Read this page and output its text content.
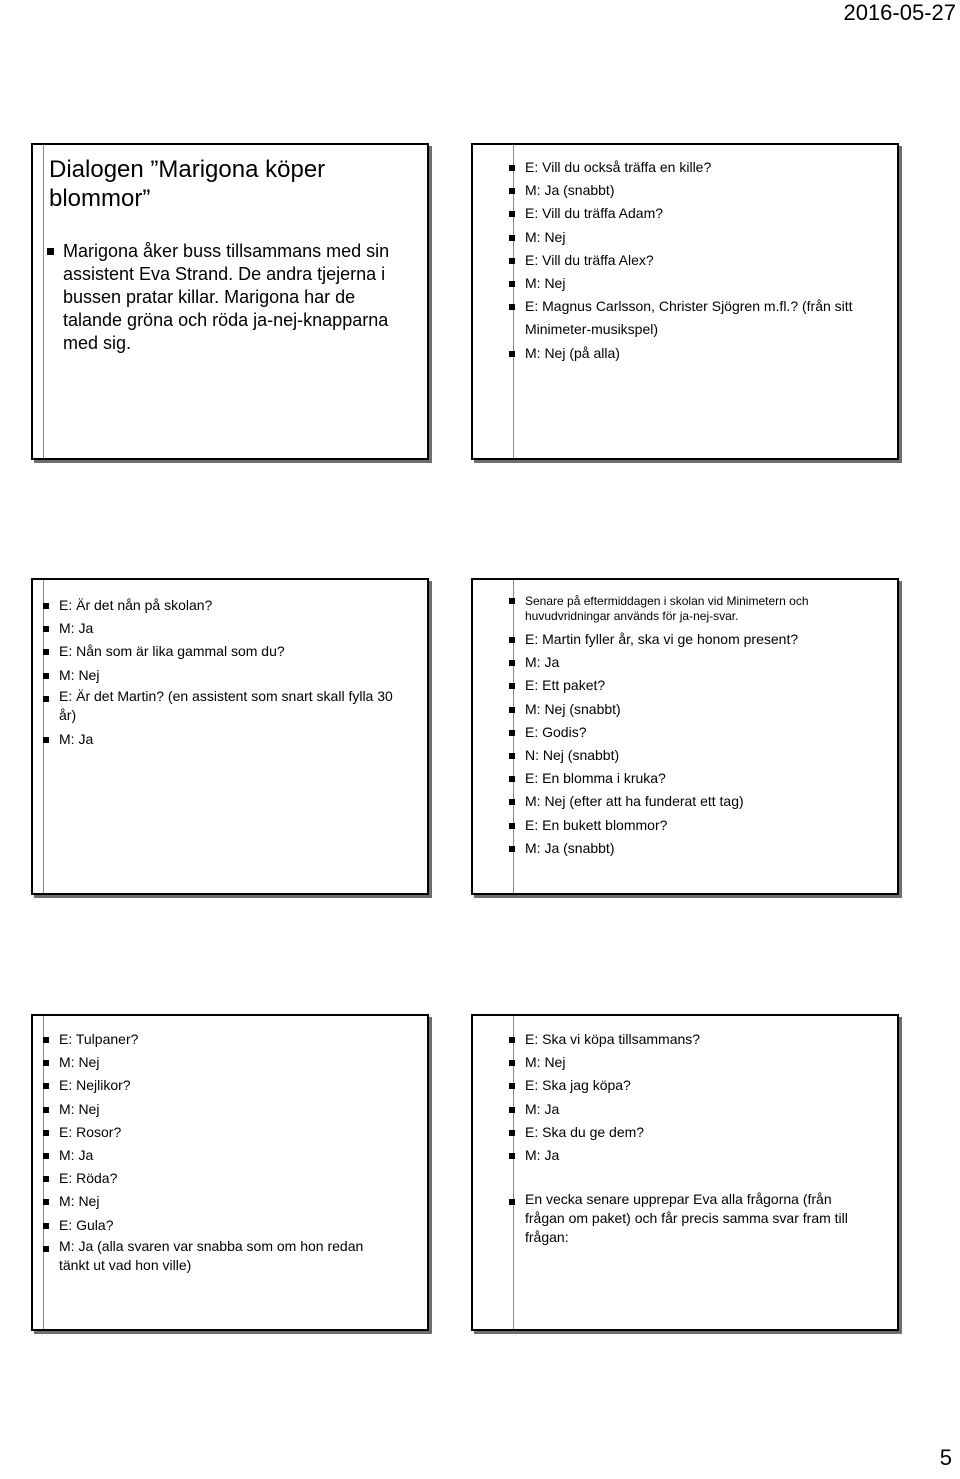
2016-05-27
Dialogen ”Marigona köper blommor”
Marigona åker buss tillsammans med sin assistent Eva Strand. De andra tjejerna i bussen pratar killar. Marigona har de talande gröna och röda ja-nej-knapparna med sig.
E: Vill du också träffa en kille?
M: Ja (snabbt)
E: Vill du träffa Adam?
M: Nej
E: Vill du träffa Alex?
M: Nej
E: Magnus Carlsson, Christer Sjögren m.fl.? (från sitt Minimeter-musikspel)
M: Nej (på alla)
E: Är det nån på skolan?
M: Ja
E: Nån som är lika gammal som du?
M: Nej
E: Är det Martin? (en assistent som snart skall fylla 30 år)
M: Ja
Senare på eftermiddagen i skolan vid Minimetern och huvudvridningar används för ja-nej-svar.
E: Martin fyller år, ska vi ge honom present?
M: Ja
E: Ett paket?
M: Nej (snabbt)
E: Godis?
N: Nej (snabbt)
E: En blomma i kruka?
M: Nej (efter att ha funderat ett tag)
E: En bukett blommor?
M: Ja (snabbt)
E: Tulpaner?
M: Nej
E: Nejlikor?
M: Nej
E: Rosor?
M: Ja
E: Röda?
M: Nej
E: Gula?
M: Ja (alla svaren var snabba som om hon redan tänkt ut vad hon ville)
E: Ska vi köpa tillsammans?
M: Nej
E: Ska jag köpa?
M: Ja
E: Ska du ge dem?
M: Ja
En vecka senare upprepar Eva alla frågorna (från frågan om paket) och får precis samma svar fram till frågan:
5
